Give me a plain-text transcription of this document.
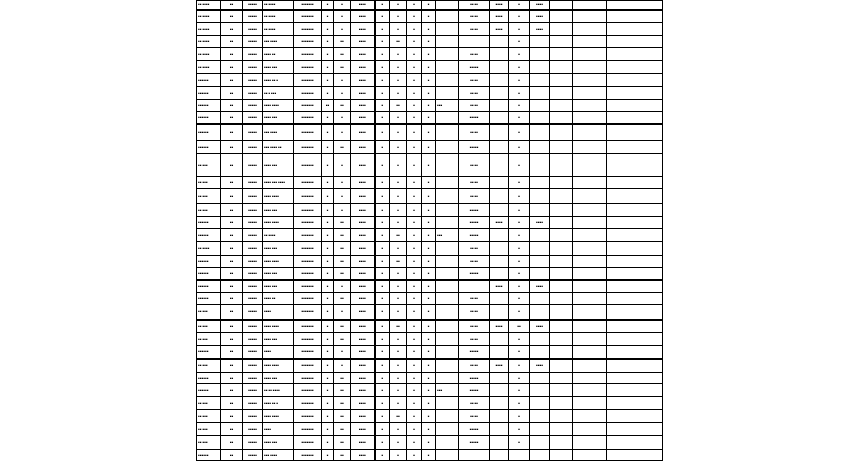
▪▪ ▪▪▪▪	▪▪	▪▪▪▪▪	▪▪ ▪▪▪▪	▪▪▪▪▪▪▪	▪	▪	▪▪▪▪	▪	▪	▪	▪		▪▪ ▪▪	▪▪▪▪	▪	▪▪▪▪			
▪▪ ▪▪▪▪	▪▪	▪▪▪▪▪	▪▪ ▪▪▪▪	▪▪▪▪▪▪▪	▪	▪	▪▪▪▪	▪	▪	▪	▪		▪▪ ▪▪	▪▪▪▪	▪	▪▪▪▪			
▪▪ ▪▪▪▪	▪▪	▪▪▪▪▪	▪▪ ▪▪▪▪	▪▪▪▪▪▪▪	▪	▪	▪▪▪▪	▪	▪	▪	▪		▪▪ ▪▪	▪▪▪▪	▪	▪▪▪▪			
▪▪ ▪▪▪▪	▪▪	▪▪▪▪▪	▪▪▪ ▪▪▪▪	▪▪▪▪▪▪▪	▪	▪▪	▪▪▪▪	▪	▪▪	▪	▪				▪				
▪▪ ▪▪▪▪	▪▪	▪▪▪▪▪	▪▪▪▪ ▪▪	▪▪▪▪▪▪▪	▪	▪▪	▪▪▪▪	▪	▪	▪	▪		▪▪ ▪▪		▪				
▪▪ ▪▪▪▪	▪▪	▪▪▪▪▪	▪▪▪▪ ▪▪▪	▪▪▪▪▪▪▪	▪	▪▪	▪▪▪▪	▪	▪	▪	▪		▪▪▪▪▪		▪				
▪▪▪▪▪▪	▪▪	▪▪▪▪▪	▪▪▪▪ ▪▪ ▪	▪▪▪▪▪▪▪	▪	▪	▪▪▪▪	▪	▪	▪	▪		▪▪ ▪▪		▪				
▪▪▪▪▪▪	▪▪	▪▪▪▪▪	▪▪ ▪ ▪▪▪	▪▪▪▪▪▪▪	▪	▪	▪▪▪▪	▪	▪	▪	▪		▪▪ ▪▪		▪				
▪▪▪▪▪▪	▪▪	▪▪▪▪▪	▪▪▪▪ ▪▪▪▪	▪▪▪▪▪▪▪	▪▪	▪▪	▪▪▪▪	▪	▪▪	▪	▪	▪▪▪	▪▪ ▪▪		▪				
▪▪▪▪▪▪	▪▪	▪▪▪▪▪	▪▪▪▪ ▪▪▪	▪▪▪▪▪▪▪	▪	▪	▪▪▪▪	▪	▪	▪	▪		▪▪▪▪▪		▪				
▪▪▪▪▪▪	▪▪	▪▪▪▪▪	▪▪▪ ▪▪▪▪	▪▪▪▪▪▪▪	▪	▪	▪▪▪▪	▪	▪	▪	▪		▪▪ ▪▪		▪				
▪▪▪▪▪▪	▪▪	▪▪▪▪▪	▪▪▪ ▪▪▪▪ ▪▪	▪▪▪▪▪▪▪	▪	▪▪	▪▪▪▪	▪	▪	▪	▪		▪▪▪▪▪		▪				
▪▪ ▪▪▪	▪▪	▪▪▪▪▪	▪▪▪▪ ▪▪▪	▪▪▪▪▪▪▪	▪	▪	▪▪▪▪	▪	▪	▪	▪		▪▪ ▪▪		▪				
▪▪ ▪▪▪	▪▪	▪▪▪▪▪	▪▪▪▪ ▪▪▪ ▪▪▪▪	▪▪▪▪▪▪▪	▪	▪	▪▪▪▪	▪	▪	▪	▪		▪▪ ▪▪		▪				
▪▪ ▪▪▪	▪▪	▪▪▪▪▪	▪▪▪▪ ▪▪▪▪	▪▪▪▪▪▪▪	▪	▪	▪▪▪▪	▪	▪	▪	▪		▪▪ ▪▪		▪				
▪▪ ▪▪▪	▪▪	▪▪▪▪▪	▪▪▪▪ ▪▪▪	▪▪▪▪▪▪▪	▪	▪	▪▪▪▪	▪	▪	▪	▪		▪▪▪▪▪		▪				
▪▪▪▪▪▪	▪▪	▪▪▪▪▪	▪▪▪▪ ▪▪▪▪	▪▪▪▪▪▪▪	▪	▪▪	▪▪▪▪	▪	▪	▪	▪		▪▪▪▪▪	▪▪▪▪	▪	▪▪▪▪			
▪▪▪▪▪▪	▪▪	▪▪▪▪▪	▪▪ ▪▪▪▪	▪▪▪▪▪▪▪	▪	▪▪	▪▪▪▪	▪	▪▪	▪	▪	▪▪▪	▪▪▪▪▪		▪				
▪▪ ▪▪▪▪	▪▪	▪▪▪▪▪	▪▪▪▪ ▪▪▪	▪▪▪▪▪▪▪	▪	▪▪	▪▪▪▪	▪	▪	▪	▪		▪▪ ▪▪		▪				
▪▪▪▪▪▪	▪▪	▪▪▪▪▪	▪▪▪▪ ▪▪▪▪	▪▪▪▪▪▪▪	▪	▪▪	▪▪▪▪	▪	▪▪	▪	▪		▪▪ ▪▪		▪				
▪▪▪▪▪▪	▪▪	▪▪▪▪▪	▪▪▪▪ ▪▪▪	▪▪▪▪▪▪▪	▪	▪▪	▪▪▪▪	▪	▪	▪	▪		▪▪▪▪▪		▪				
▪▪▪▪▪▪	▪▪	▪▪▪▪▪	▪▪▪▪ ▪▪▪	▪▪▪▪▪▪▪	▪	▪	▪▪▪▪	▪	▪	▪	▪			▪▪▪▪	▪	▪▪▪▪			
▪▪▪▪▪▪	▪▪	▪▪▪▪▪	▪▪▪▪ ▪▪	▪▪▪▪▪▪▪	▪	▪▪	▪▪▪▪	▪	▪	▪	▪		▪▪ ▪▪		▪				
▪▪ ▪▪▪	▪▪	▪▪▪▪▪	▪▪▪▪	▪▪▪▪▪▪▪	▪	▪	▪▪▪▪	▪	▪	▪	▪		▪▪ ▪▪		▪				
▪▪ ▪▪▪	▪▪	▪▪▪▪▪	▪▪▪▪ ▪▪▪▪	▪▪▪▪▪▪▪	▪	▪▪	▪▪▪▪	▪	▪▪	▪	▪		▪▪ ▪▪	▪▪▪▪	▪▪	▪▪▪▪			
▪▪ ▪▪▪	▪▪	▪▪▪▪▪	▪▪▪▪ ▪▪▪	▪▪▪▪▪▪▪	▪	▪▪	▪▪▪▪	▪	▪	▪	▪		▪▪ ▪▪		▪				
▪▪▪▪▪▪	▪▪	▪▪▪▪▪	▪▪▪▪	▪▪▪▪▪▪▪	▪	▪	▪▪▪▪	▪	▪	▪	▪		▪▪▪▪▪		▪				
▪▪ ▪▪▪	▪▪	▪▪▪▪▪	▪▪▪▪ ▪▪▪▪	▪▪▪▪▪▪▪	▪	▪	▪▪▪▪	▪	▪	▪	▪		▪▪ ▪▪	▪▪▪▪	▪	▪▪▪▪			
▪▪▪▪▪▪	▪▪	▪▪▪▪▪	▪▪▪▪ ▪▪▪	▪▪▪▪▪▪▪	▪	▪▪	▪▪▪▪	▪	▪	▪	▪		▪▪▪▪▪		▪				
▪▪▪▪▪▪	▪▪	▪▪▪▪▪	▪▪ ▪▪ ▪▪▪▪	▪▪▪▪▪▪▪	▪	▪▪	▪▪▪▪	▪	▪	▪	▪	▪▪▪	▪▪▪▪▪		▪				
▪▪ ▪▪▪	▪▪	▪▪▪▪▪	▪▪▪▪ ▪▪ ▪	▪▪▪▪▪▪▪	▪	▪▪	▪▪▪▪	▪	▪	▪	▪		▪▪ ▪▪		▪				
▪▪ ▪▪▪	▪▪	▪▪▪▪▪	▪▪▪▪ ▪▪▪▪	▪▪▪▪▪▪▪	▪	▪▪	▪▪▪▪	▪	▪▪	▪	▪		▪▪ ▪▪		▪				
▪▪ ▪▪▪	▪▪	▪▪▪▪▪	▪▪▪▪	▪▪▪▪▪▪▪	▪	▪▪	▪▪▪▪	▪	▪	▪	▪		▪▪▪▪▪		▪				
▪▪ ▪▪▪	▪▪	▪▪▪▪▪	▪▪▪▪ ▪▪▪	▪▪▪▪▪▪▪	▪	▪▪	▪▪▪▪	▪	▪	▪	▪		▪▪▪▪▪		▪				
▪▪▪▪▪▪	▪▪	▪▪▪▪▪	▪▪▪ ▪▪▪▪	▪▪▪▪▪▪▪	▪	▪▪	▪▪▪▪	▪	▪	▪	▪								
